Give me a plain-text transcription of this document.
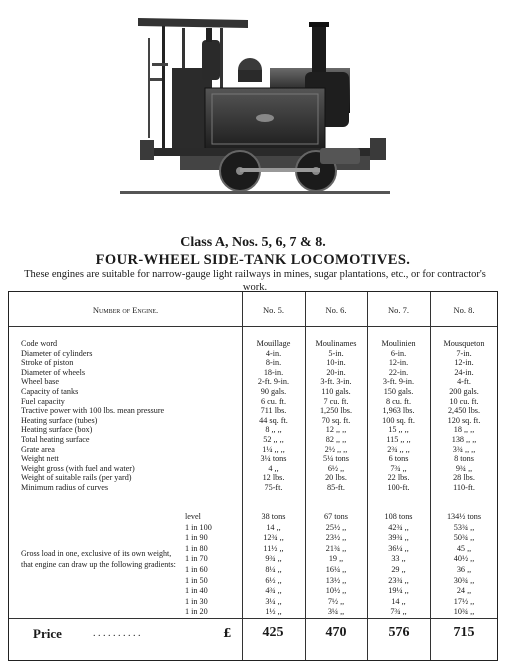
Class A, Nos. 5, 6, 7 & 8.
FOUR-WHEEL SIDE-TANK LOCOMOTIVES.
These engines are suitable for narrow-gauge light railways in mines, sugar plantations, etc., or for contractor's work.
Number of Engine.	No. 5.	No. 6.	No. 7.	No. 8.
Code word	Mouillage	Moulinames	Moulinien	Mousqueton
Diameter of cylinders	4-in.	5-in.	6-in.	7-in.
Stroke of piston	8-in.	10-in.	12-in.	12-in.
Diameter of wheels	18-in.	20-in.	22-in.	24-in.
Wheel base	2-ft. 9-in.	3-ft. 3-in.	3-ft. 9-in.	4-ft.
Capacity of tanks	90 gals.	110 gals.	150 gals.	200 gals.
Fuel capacity	6 cu. ft.	7 cu. ft.	8 cu. ft.	10 cu. ft.
Tractive power with 100 lbs. mean pressure	711 lbs.	1,250 lbs.	1,963 lbs.	2,450 lbs.
Heating surface (tubes)	44 sq. ft.	70 sq. ft.	100 sq. ft.	120 sq. ft.
Heating surface (box)	8 ,, ,,	12 ,, ,,	15 ,, ,,	18 ,, ,,
Total heating surface	52 ,, ,,	82 ,, ,,	115 ,, ,,	138 ,, ,,
Grate area	1¼ ,, ,,	2½ ,, ,,	2¾ ,, ,,	3¾ ,, ,,
Weight nett	3¼ tons	5¼ tons	6 tons	8 tons
Weight gross (with fuel and water)	4 ,,	6½ ,,	7¾ ,,	9¾ ,,
Weight of suitable rails (per yard)	12 lbs.	20 lbs.	22 lbs.	28 lbs.
Minimum radius of curves	75-ft.	85-ft.	100-ft.	110-ft.
level	38 tons	67 tons	108 tons	134½ tons
1 in 100	14 ,,	25½ ,,	42¾ ,,	53¾ ,,
1 in 90	12¾ ,,	23½ ,,	39¾ ,,	50¾ ,,
1 in 80	11½ ,,	21¾ ,,	36¼ ,,	45 ,,
1 in 70	9¾ ,,	19 ,,	33 ,,	40½ ,,
1 in 60	8¼ ,,	16¼ ,,	29 ,,	36 ,,
1 in 50	6½ ,,	13½ ,,	23¾ ,,	30¾ ,,
1 in 40	4¾ ,,	10½ ,,	19¼ ,,	24 ,,
1 in 30	3¼ ,,	7½ ,,	14 ,,	17½ ,,
1 in 20	1½ ,,	3¼ ,,	7¾ ,,	10¾ ,,
Gross load in one, exclusive of its own weight, that engine can draw up the following gradients:
Price	. . . . . . . . . .	£	425	470	576	715
